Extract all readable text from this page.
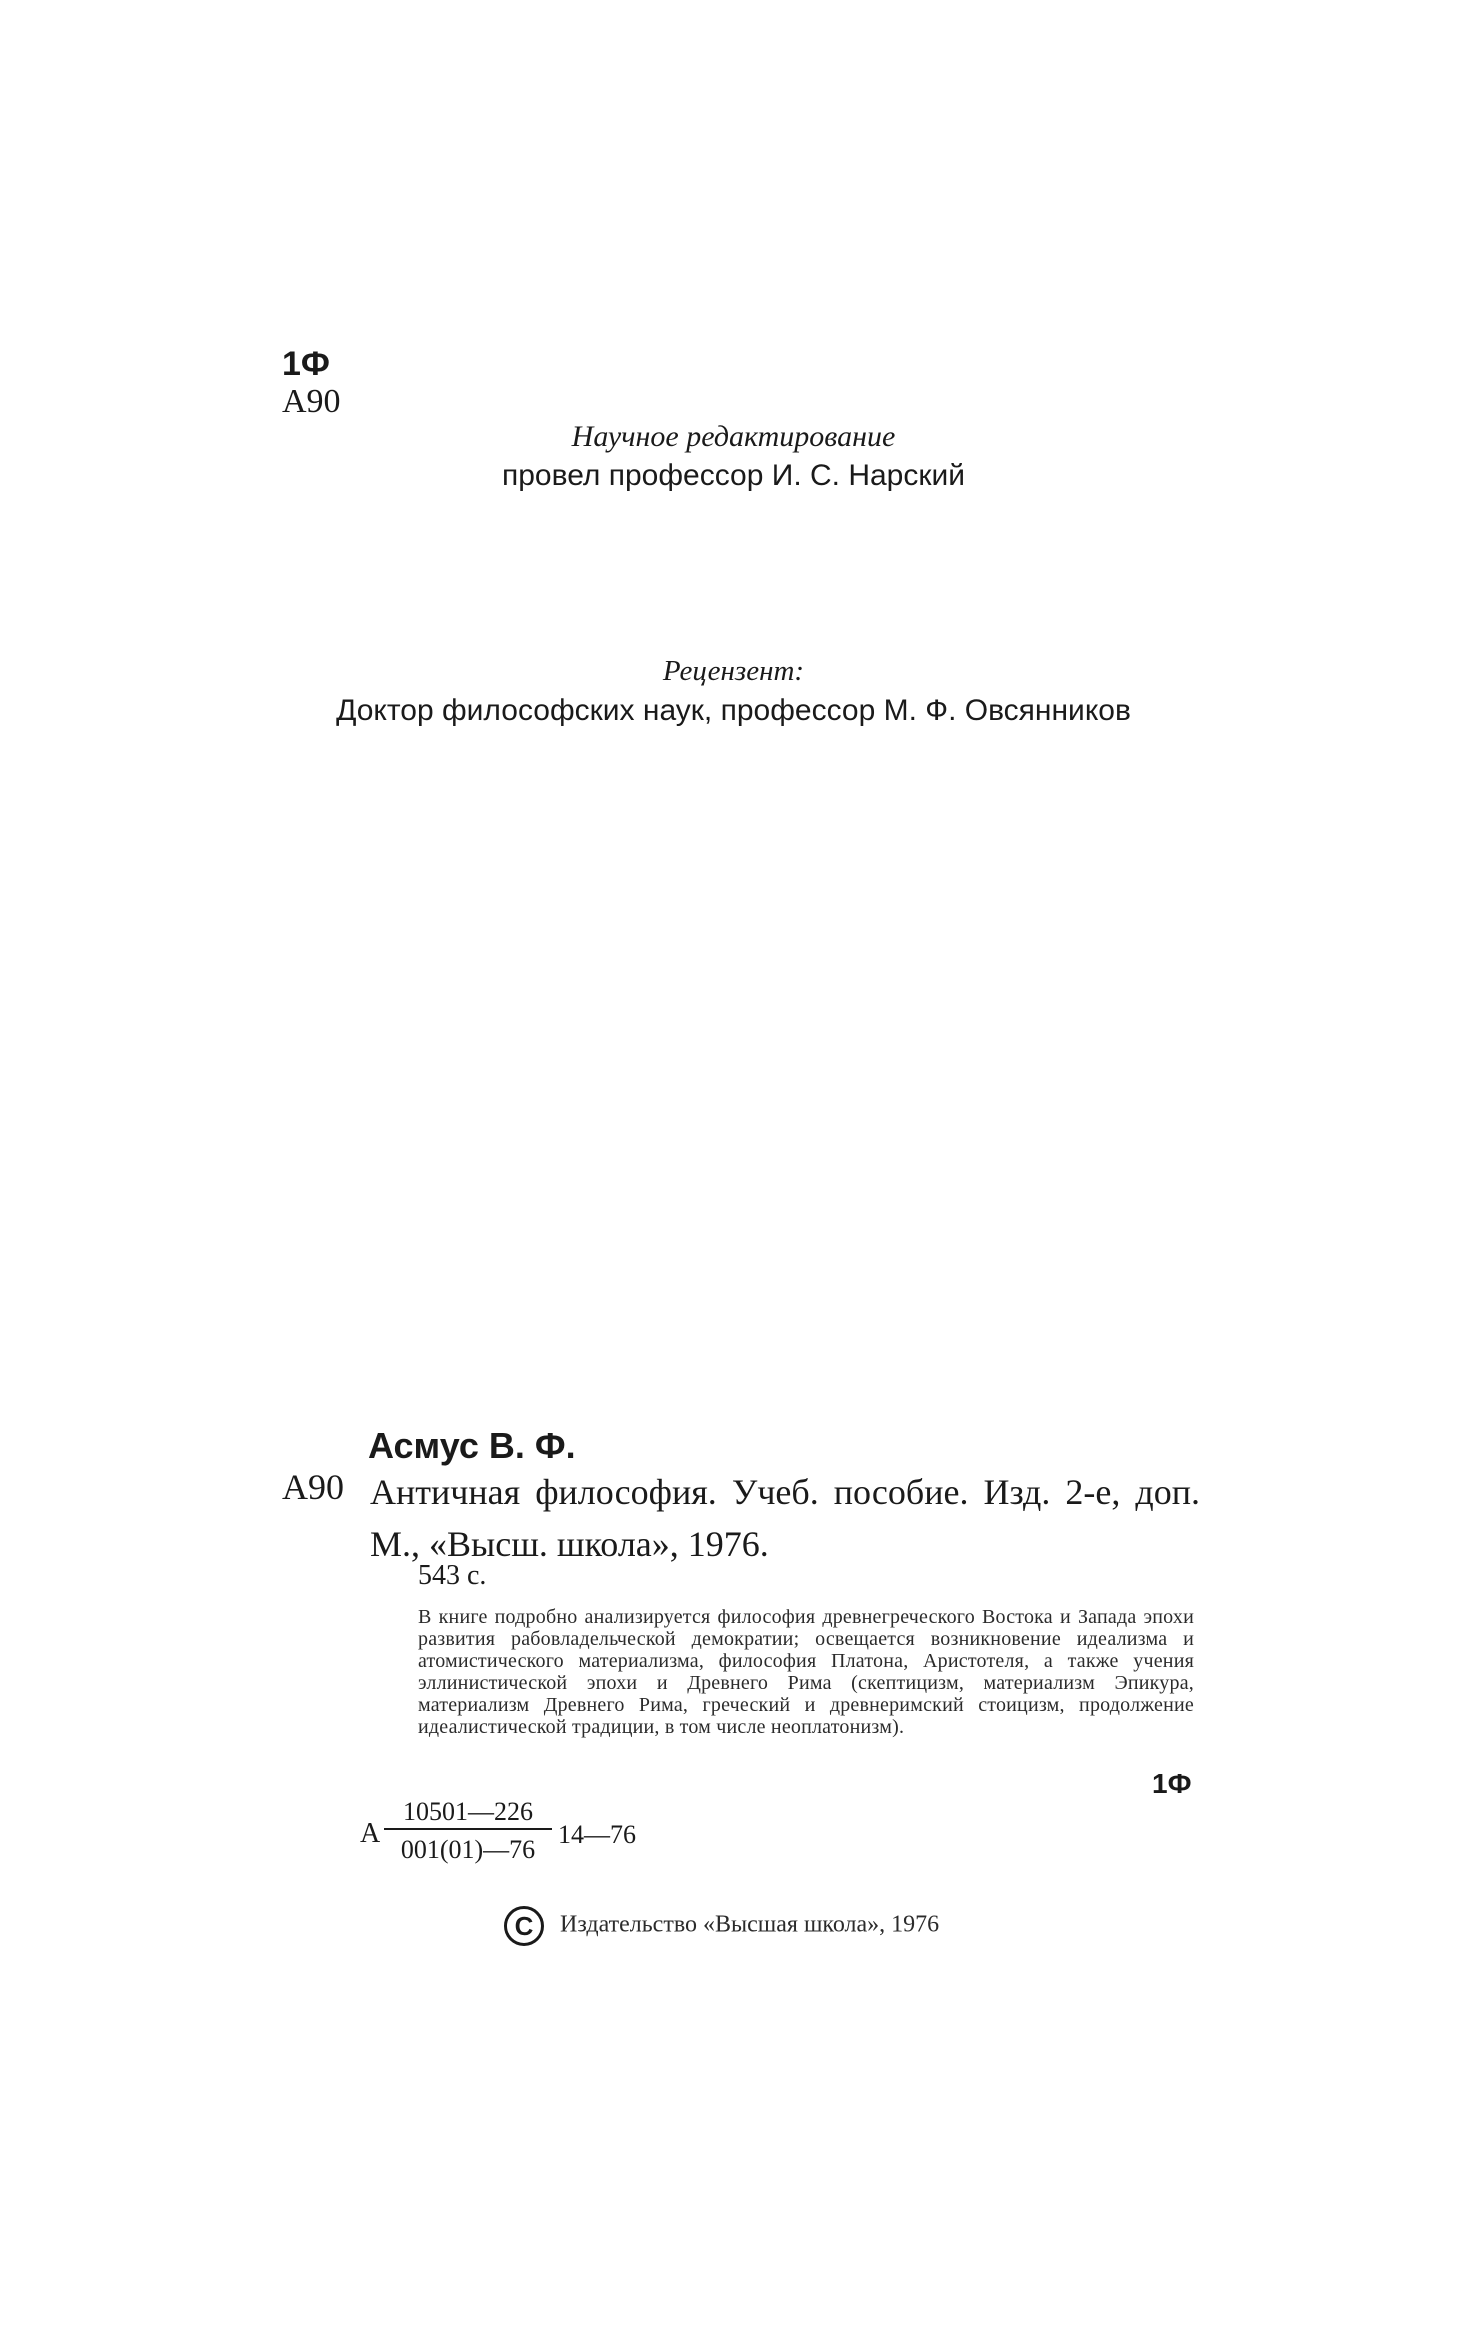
1Ф
А90
Научное редактирование
провел профессор И. С. Нарский
Рецензент:
Доктор философских наук, профессор М. Ф. Овсянников
Асмус В. Ф.
А90 Античная философия. Учеб. пособие. Изд. 2-е, доп. М., «Высш. школа», 1976.
543 с.
В книге подробно анализируется философия древнегреческого Востока и Запада эпохи развития рабовладельческой демократии; освещается возникновение идеализма и атомистического материализма, философия Платона, Аристотеля, а также учения эллинистической эпохи и Древнего Рима (скептицизм, материализм Эпикура, материализм Древнего Рима, греческий и древнеримский стоицизм, продолжение идеалистической традиции, в том числе неоплатонизм).
1Ф
А $\frac{10501—226}{001(01)—76}$ 14—76
C Издательство «Высшая школа», 1976
